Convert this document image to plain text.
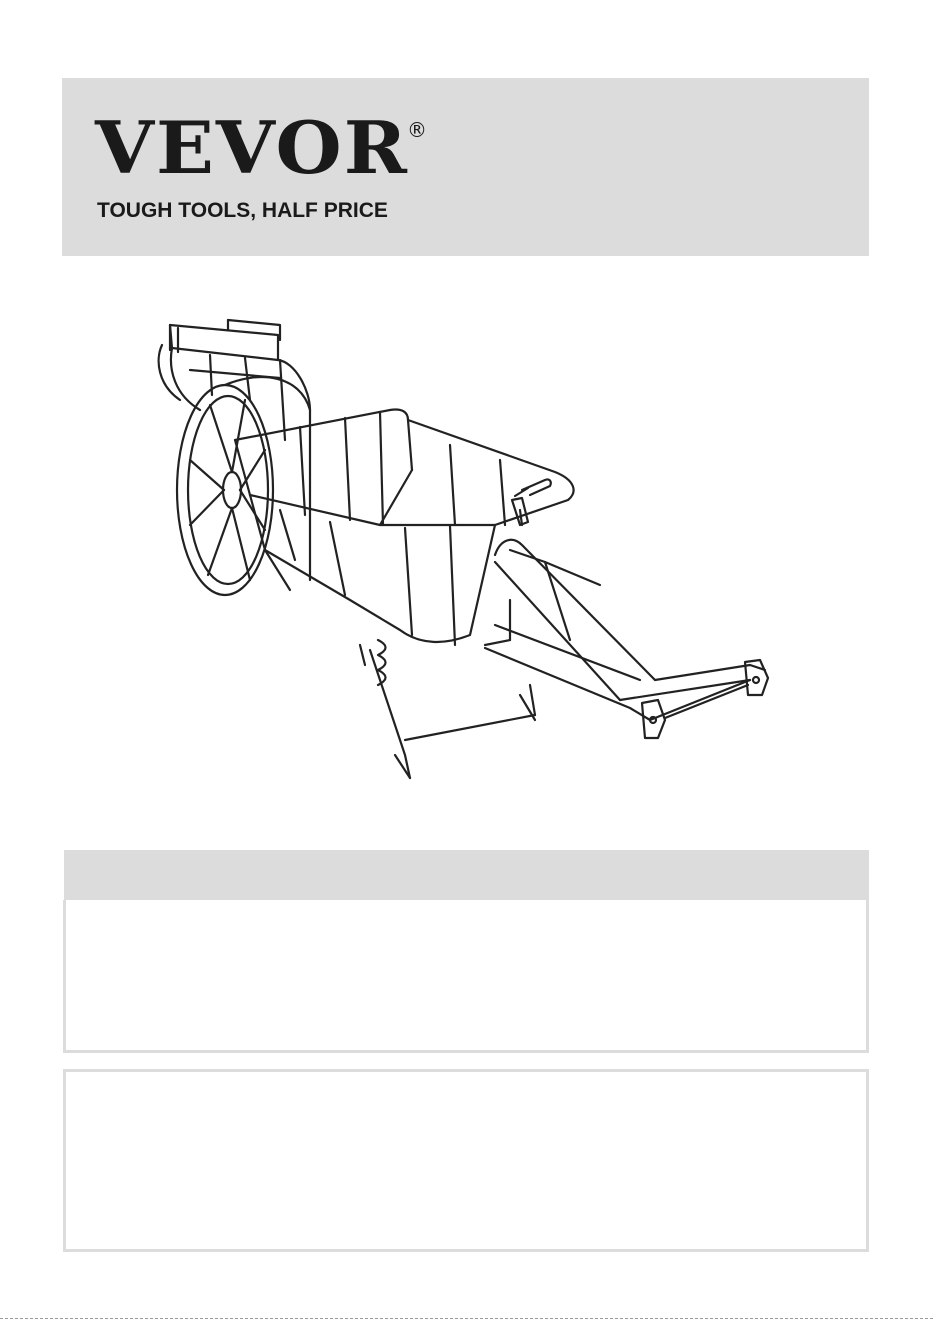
VEVOR
®
TOUGH TOOLS, HALF PRICE
